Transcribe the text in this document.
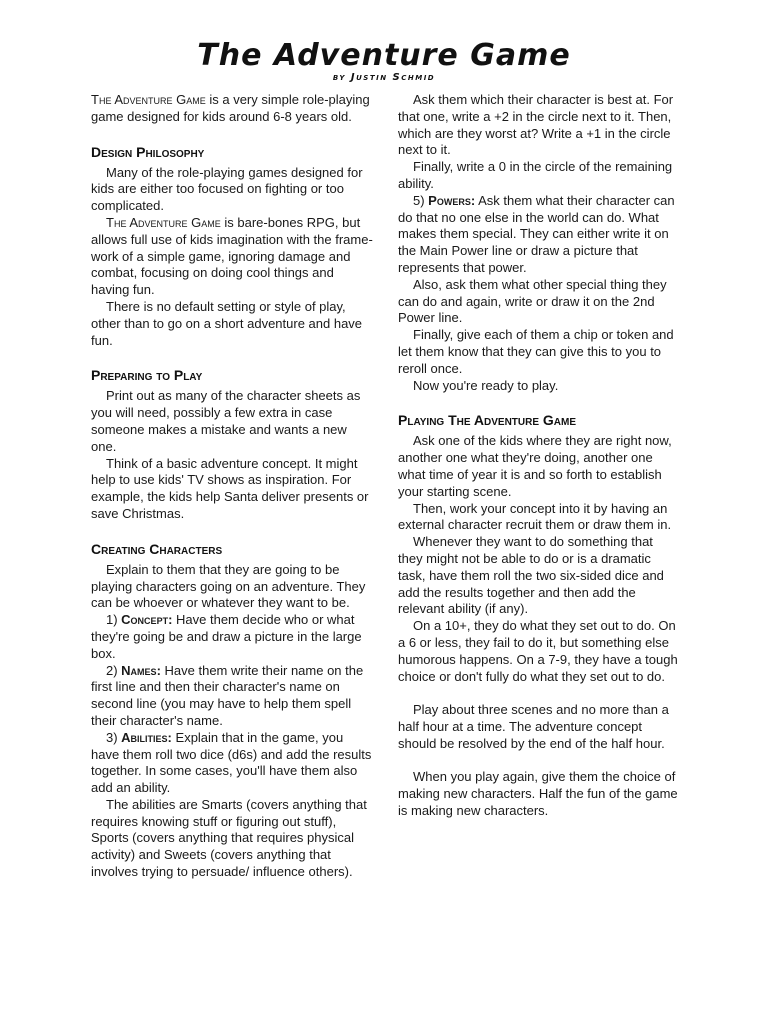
The Adventure Game
by Justin Schmid

The Adventure Game is a very simple role-playing game designed for kids around 6-8 years old.

Design Philosophy

Many of the role-playing games designed for kids are either too focused on fighting or too complicated.

The Adventure Game is bare-bones RPG, but allows full use of kids imagination with the frame-work of a simple game, ignoring damage and combat, focusing on doing cool things and having fun.

There is no default setting or style of play, other than to go on a short adventure and have fun.

Preparing to Play

Print out as many of the character sheets as you will need, possibly a few extra in case someone makes a mistake and wants a new one.

Think of a basic adventure concept. It might help to use kids' TV shows as inspiration. For example, the kids help Santa deliver presents or save Christmas.

Creating Characters

Explain to them that they are going to be playing characters going on an adventure. They can be whoever or whatever they want to be.

1) Concept: Have them decide who or what they're going be and draw a picture in the large box.

2) Names: Have them write their name on the first line and then their character's name on second line (you may have to help them spell their character's name.

3) Abilities: Explain that in the game, you have them roll two dice (d6s) and add the results together. In some cases, you'll have them also add an ability.

The abilities are Smarts (covers anything that requires knowing stuff or figuring out stuff), Sports (covers anything that requires physical activity) and Sweets (covers anything that involves trying to persuade/ influence others).

Ask them which their character is best at. For that one, write a +2 in the circle next to it. Then, which are they worst at? Write a +1 in the circle next to it.

Finally, write a 0 in the circle of the remaining ability.

5) Powers: Ask them what their character can do that no one else in the world can do. What makes them special. They can either write it on the Main Power line or draw a picture that represents that power.

Also, ask them what other special thing they can do and again, write or draw it on the 2nd Power line.

Finally, give each of them a chip or token and let them know that they can give this to you to reroll once.

Now you're ready to play.

Playing The Adventure Game

Ask one of the kids where they are right now, another one what they're doing, another one what time of year it is and so forth to establish your starting scene.

Then, work your concept into it by having an external character recruit them or draw them in.

Whenever they want to do something that they might not be able to do or is a dramatic task, have them roll the two six-sided dice and add the results together and then add the relevant ability (if any).

On a 10+, they do what they set out to do. On a 6 or less, they fail to do it, but something else humorous happens. On a 7-9, they have a tough choice or don't fully do what they set out to do.

Play about three scenes and no more than a half hour at a time. The adventure concept should be resolved by the end of the half hour.

When you play again, give them the choice of making new characters. Half the fun of the game is making new characters.
